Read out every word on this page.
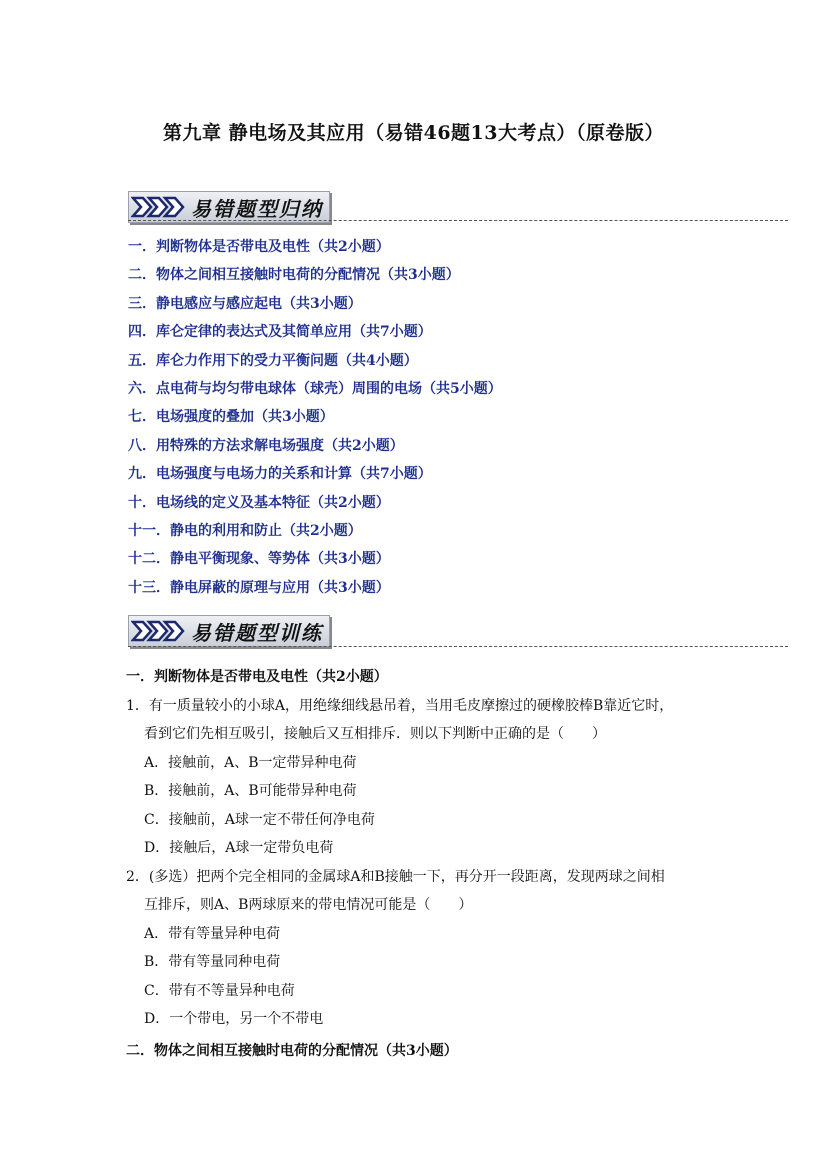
第九章 静电场及其应用（易错46题13大考点）（原卷版）
易错题型归纳
一．判断物体是否带电及电性（共2小题）
二．物体之间相互接触时电荷的分配情况（共3小题）
三．静电感应与感应起电（共3小题）
四．库仑定律的表达式及其简单应用（共7小题）
五．库仑力作用下的受力平衡问题（共4小题）
六．点电荷与均匀带电球体（球壳）周围的电场（共5小题）
七．电场强度的叠加（共3小题）
八．用特殊的方法求解电场强度（共2小题）
九．电场强度与电场力的关系和计算（共7小题）
十．电场线的定义及基本特征（共2小题）
十一．静电的利用和防止（共2小题）
十二．静电平衡现象、等势体（共3小题）
十三．静电屏蔽的原理与应用（共3小题）
易错题型训练
一．判断物体是否带电及电性（共2小题）
1．有一质量较小的小球A，用绝缘细线悬吊着，当用毛皮摩擦过的硬橡胶棒B靠近它时，
看到它们先相互吸引，接触后又互相排斥．则以下判断中正确的是（　　）
A．接触前，A、B一定带异种电荷
B．接触前，A、B可能带异种电荷
C．接触前，A球一定不带任何净电荷
D．接触后，A球一定带负电荷
2．(多选）把两个完全相同的金属球A和B接触一下，再分开一段距离，发现两球之间相
互排斥，则A、B两球原来的带电情况可能是（　　）
A．带有等量异种电荷
B．带有等量同种电荷
C．带有不等量异种电荷
D．一个带电，另一个不带电
二．物体之间相互接触时电荷的分配情况（共3小题）
